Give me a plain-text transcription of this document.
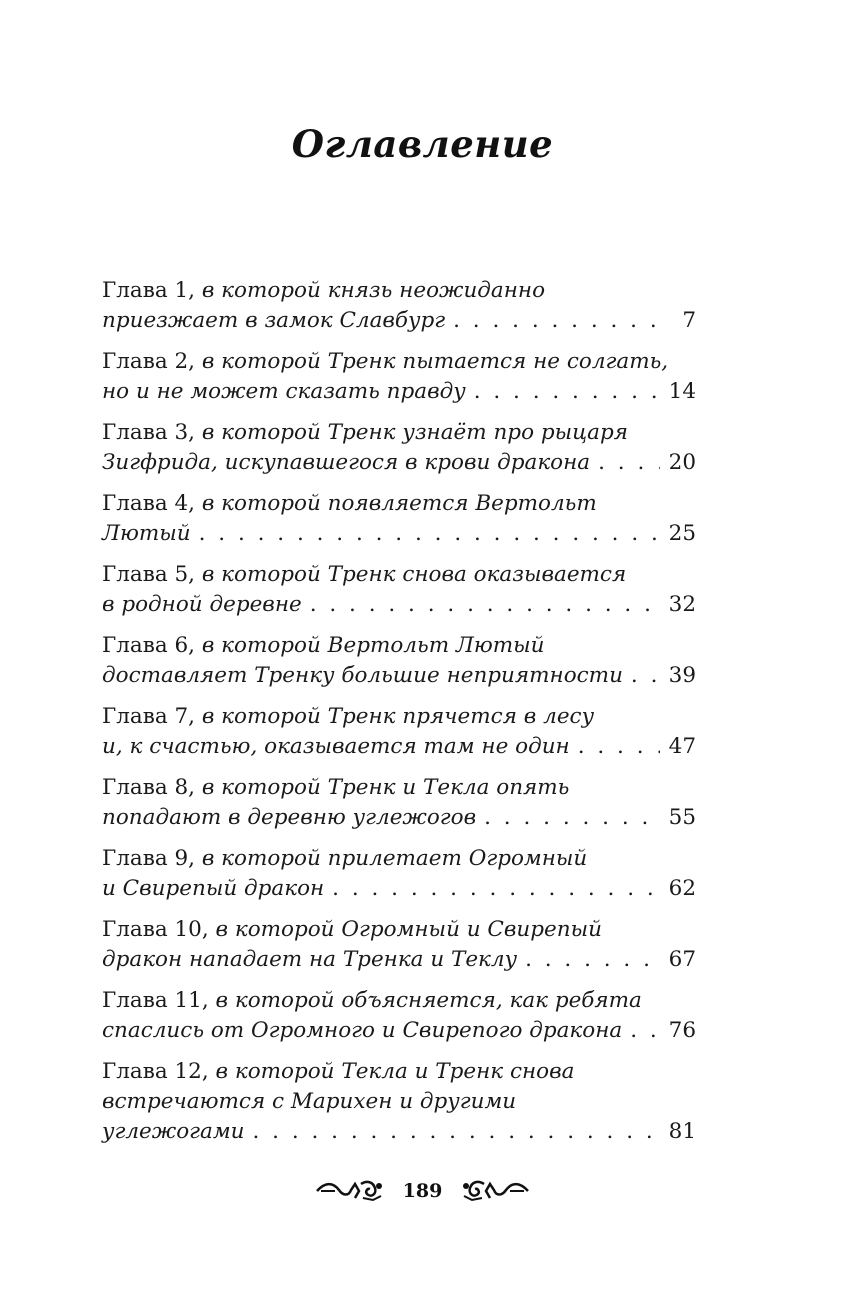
Оглавление
Глава 1,
в которой князь неожиданно
приезжает в замок Славбург . . .	7
Глава 2,
в которой Тренк пытается не солгать,
но и не может сказать правду . . .	14
Глава 3,
в которой Тренк узнаёт про рыцаря
Зигфрида, искупавшегося в крови дракона . . .	20
Глава 4,
в которой появляется Вертольт
Лютый . . .	25
Глава 5,
в которой Тренк снова оказывается
в родной деревне . . .	32
Глава 6,
в которой Вертольт Лютый
доставляет Тренку большие неприятности . . . 39
Глава 7,
в которой Тренк прячется в лесу
и, к счастью, оказывается там не один . . .	47
Глава 8,
в которой Тренк и Текла опять
попадают в деревню углежогов . . .	55
Глава 9,
в которой прилетает Огромный
и Свирепый дракон . . .	62
Глава 10,
в которой Огромный и Свирепый
дракон нападает на Тренка и Теклу . . .	67
Глава 11,
в которой объясняется, как ребята
спаслись от Огромного и Свирепого дракона . . . 76
Глава 12,
в которой Текла и Тренк снова
встречаются с Марихен и другими
углежогами . . .	81
189
